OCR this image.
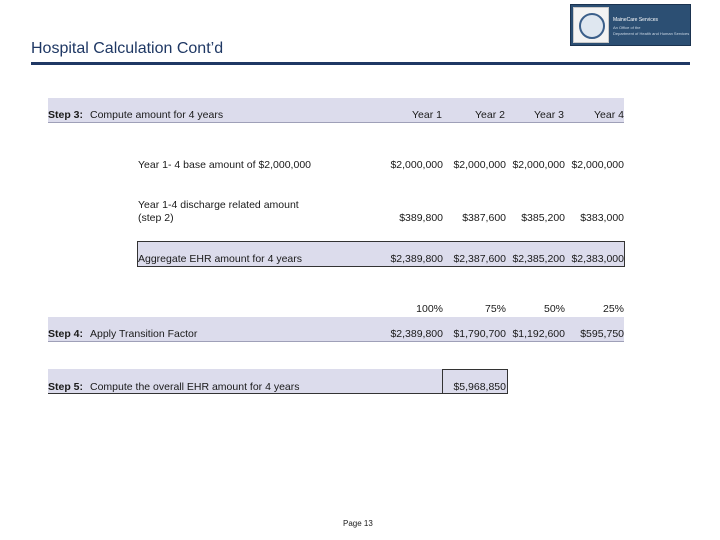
MaineCare Services
An Office of the
Department of Health and Human Services
Hospital Calculation Cont’d
Step 3: Compute amount for 4 years	Year 1	Year 2	Year 3	Year 4
Year 1- 4 base amount of $2,000,000	$2,000,000 $2,000,000 $2,000,000 $2,000,000
Year 1-4 discharge related amount
(step 2)	$389,800	$387,600	$385,200	$383,000
Aggregate EHR amount for 4 years	$2,389,800 $2,387,600 $2,385,200 $2,383,000
100%	75%	50%	25%
Step 4: Apply Transition Factor	$2,389,800 $1,790,700 $1,192,600	$595,750
Step 5: Compute the overall EHR amount for 4 years	$5,968,850
Page 13
